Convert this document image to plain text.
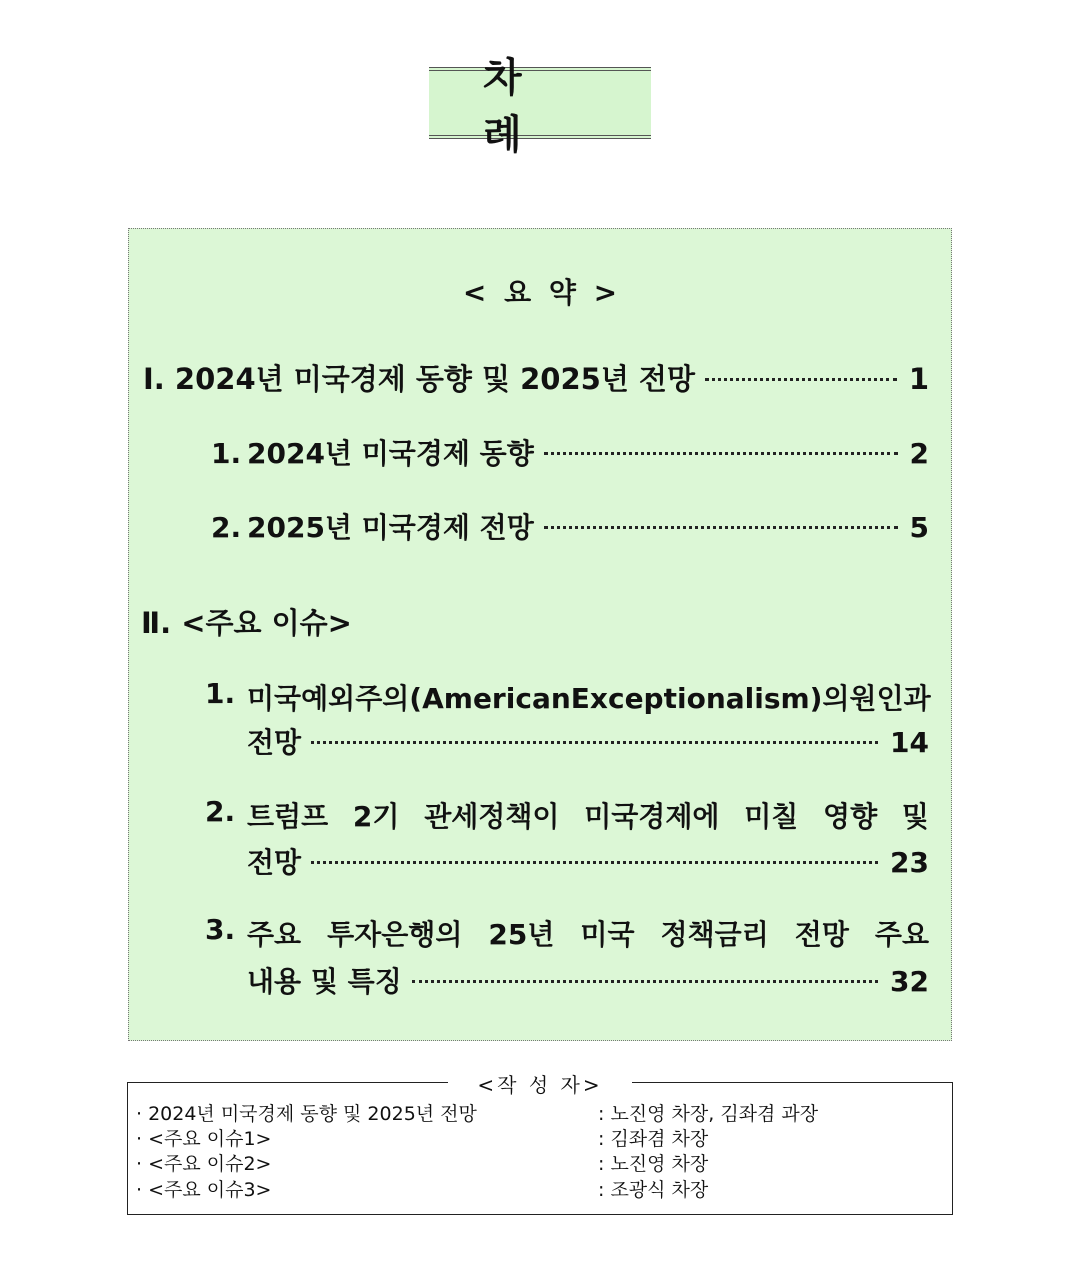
차 례
< 요 약 >
Ⅰ. 2024년 미국경제 동향 및 2025년 전망	1
1. 2024년 미국경제 동향	2
2. 2025년 미국경제 전망	5
Ⅱ. <주요 이슈>
1. 미국 예외주의(American Exceptionalism)의 원인과
전망	14
2. 트럼프 2기 관세정책이 미국경제에 미칠 영향 및
전망	23
3. 주요 투자은행의 25년 미국 정책금리 전망 주요
내용 및 특징	32
<작 성 자>
· 2024년 미국경제 동향 및 2025년 전망	: 노진영 차장, 김좌겸 과장
· <주요 이슈1>	: 김좌겸 차장
· <주요 이슈2>	: 노진영 차장
· <주요 이슈3>	: 조광식 차장
